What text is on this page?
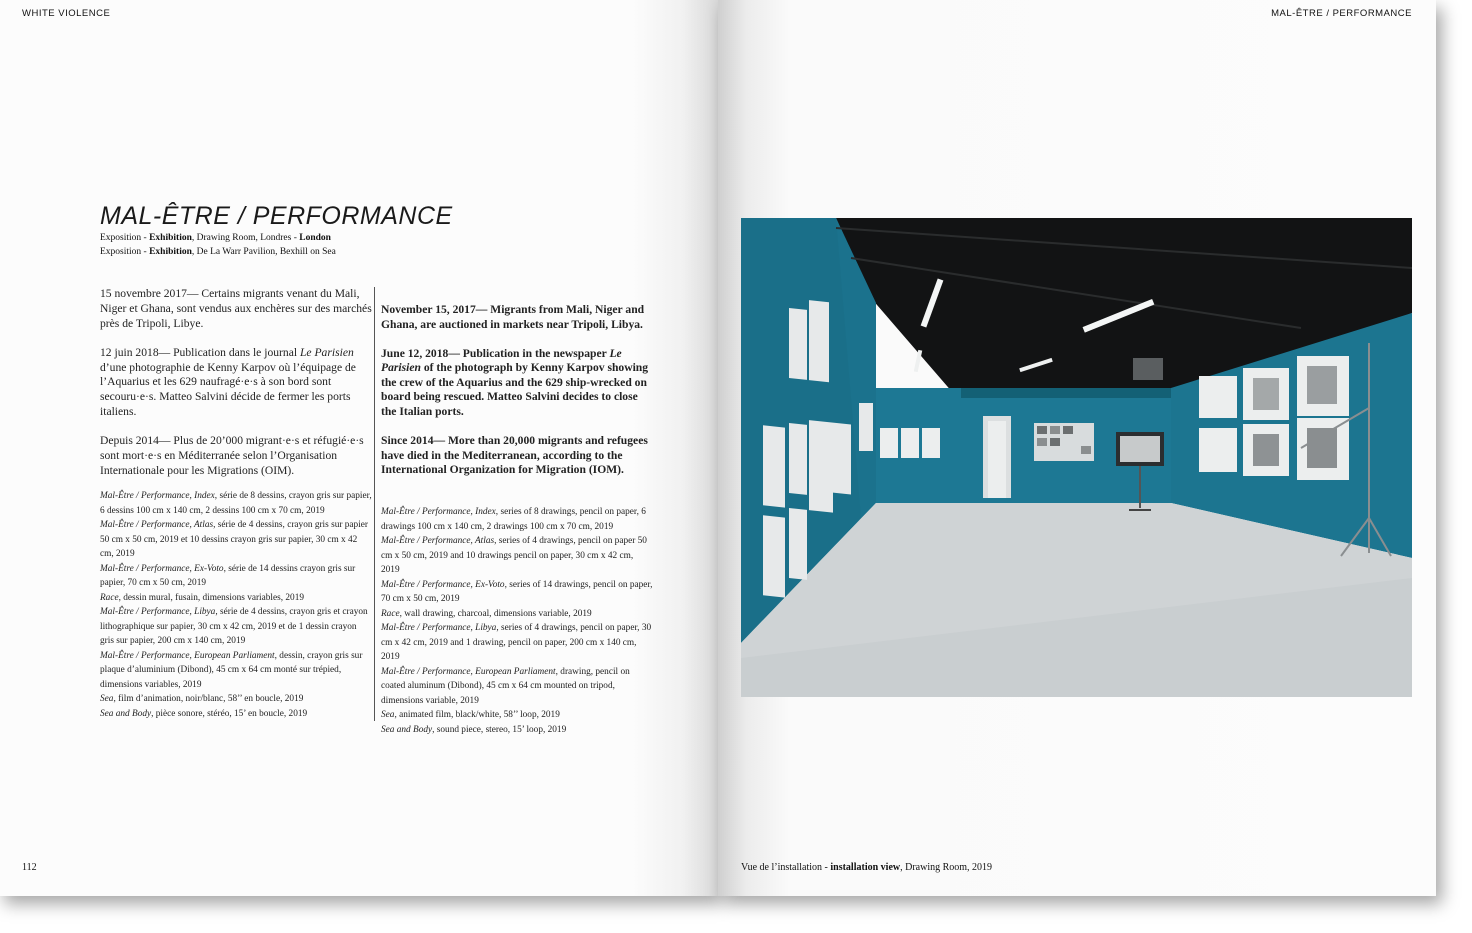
WHITE VIOLENCE
MAL-ÊTRE / PERFORMANCE
Exposition - Exhibition, Drawing Room, Londres - London
Exposition - Exhibition, De La Warr Pavilion, Bexhill on Sea

15 novembre 2017— Certains migrants venant du Mali, Niger et Ghana, sont vendus aux enchères sur des marchés près de Tripoli, Libye.

12 juin 2018— Publication dans le journal Le Parisien d’une photographie de Kenny Karpov où l’équipage de l’Aquarius et les 629 naufragé·e·s à son bord sont secouru·e·s. Matteo Salvini décide de fermer les ports italiens.

Depuis 2014— Plus de 20’000 migrant·e·s et réfugié·e·s sont mort·e·s en Méditerranée selon l’Organisation Internationale pour les Migrations (OIM).

November 15, 2017— Migrants from Mali, Niger and Ghana, are auctioned in markets near Tripoli, Libya.

June 12, 2018— Publication in the newspaper Le Parisien of the photograph by Kenny Karpov showing the crew of the Aquarius and the 629 ship-wrecked on board being rescued. Matteo Salvini decides to close the Italian ports.

Since 2014— More than 20,000 migrants and refugees have died in the Mediterranean, according to the International Organization for Migration (IOM).

Mal-Être / Performance, Index, série de 8 dessins, crayon gris sur papier, 6 dessins 100 cm x 140 cm, 2 dessins 100 cm x 70 cm, 2019
Mal-Être / Performance, Atlas, série de 4 dessins, crayon gris sur papier 50 cm x 50 cm, 2019 et 10 dessins crayon gris sur papier, 30 cm x 42 cm, 2019
Mal-Être / Performance, Ex-Voto, série de 14 dessins crayon gris sur papier, 70 cm x 50 cm, 2019
Race, dessin mural, fusain, dimensions variables, 2019
Mal-Être / Performance, Libya, série de 4 dessins, crayon gris et crayon lithographique sur papier, 30 cm x 42 cm, 2019 et de 1 dessin crayon gris sur papier, 200 cm x 140 cm, 2019
Mal-Être / Performance, European Parliament, dessin, crayon gris sur plaque d’aluminium (Dibond), 45 cm x 64 cm monté sur trépied, dimensions variables, 2019
Sea, film d’animation, noir/blanc, 58’’ en boucle, 2019
Sea and Body, pièce sonore, stéréo, 15’ en boucle, 2019
Mal-Être / Performance, Index, series of 8 drawings, pencil on paper, 6 drawings 100 cm x 140 cm, 2 drawings 100 cm x 70 cm, 2019
Mal-Être / Performance, Atlas, series of 4 drawings, pencil on paper 50 cm x 50 cm, 2019 and 10 drawings pencil on paper, 30 cm x 42 cm, 2019
Mal-Être / Performance, Ex-Voto, series of 14 drawings, pencil on paper, 70 cm x 50 cm, 2019
Race, wall drawing, charcoal, dimensions variable, 2019
Mal-Être / Performance, Libya, series of 4 drawings, pencil on paper, 30 cm x 42 cm, 2019 and 1 drawing, pencil on paper, 200 cm x 140 cm, 2019
Mal-Être / Performance, European Parliament, drawing, pencil on coated aluminum (Dibond), 45 cm x 64 cm mounted on tripod, dimensions variable, 2019
Sea, animated film, black/white, 58’’ loop, 2019
Sea and Body, sound piece, stereo, 15’ loop, 2019
112
MAL-ÊTRE / PERFORMANCE
Vue de l’installation - installation view, Drawing Room, 2019
